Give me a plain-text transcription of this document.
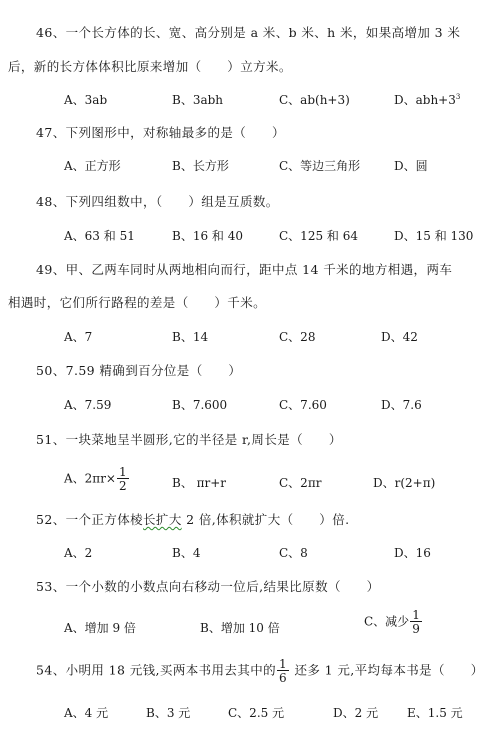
46、一个长方体的长、宽、高分别是 a 米、b 米、h 米，如果高增加 3 米
后，新的长方体体积比原来增加（　　）立方米。
A、3ab	B、3abh	C、ab(h+3)	D、$abh+3^3$
47、下列图形中，对称轴最多的是（　　）
A、正方形	B、长方形	C、等边三角形	D、圆
48、下列四组数中，（　　）组是互质数。
A、63 和 51	B、16 和 40	C、125 和 64	D、15 和 130
49、甲、乙两车同时从两地相向而行，距中点 14 千米的地方相遇，两车
相遇时，它们所行路程的差是（　　）千米。
A、7	B、14	C、28	D、42
50、7.59 精确到百分位是（　　）
A、7.59	B、7.600	C、7.60	D、7.6
51、一块菜地呈半圆形,它的半径是 r,周长是（　　）
A、$2\pi r\times \frac{1}{2}$	B、 πr+r	C、2πr	D、r(2+π)
52、一个正方体棱长扩大 2 倍,体积就扩大（　　）倍.
A、2	B、4	C、8	D、16
53、一个小数的小数点向右移动一位后,结果比原数（　　）
A、增加 9 倍	B、增加 10 倍	C、减少 $\frac{1}{9}$
54、小明用 18 元钱,买两本书用去其中的 $\frac{1}{6}$ 还多 1 元,平均每本书是（　　）
A、4 元	B、3 元	C、2.5 元	D、2 元 E、1.5 元
